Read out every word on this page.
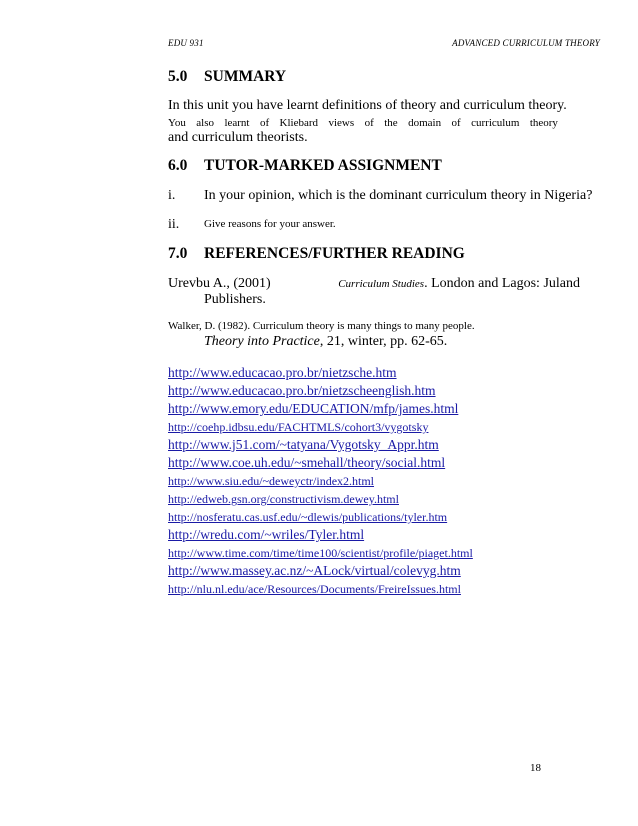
EDU 931	ADVANCED CURRICULUM THEORY
5.0 SUMMARY
In this unit you have learnt definitions of theory and curriculum theory.
You also learnt of Kliebard views of the domain of curriculum theory
and curriculum theorists.
6.0 TUTOR-MARKED ASSIGNMENT
i. In your opinion, which is the dominant curriculum theory in Nigeria?
ii. Give reasons for your answer.
7.0 REFERENCES/FURTHER READING
Urevbu A., (2001)	Curriculum Studies. London and Lagos: Juland
Publishers.
Walker, D. (1982). Curriculum theory is many things to many people.
Theory into Practice, 21, winter, pp. 62-65.
http://www.educacao.pro.br/nietzsche.htm
http://www.educacao.pro.br/nietzscheenglish.htm
http://www.emory.edu/EDUCATION/mfp/james.html
http://coehp.idbsu.edu/FACHTMLS/cohort3/vygotsky
http://www.j51.com/~tatyana/Vygotsky_Appr.htm
http://www.coe.uh.edu/~smehall/theory/social.html
http://www.siu.edu/~deweyctr/index2.html
http://edweb.gsn.org/constructivism.dewey.html
http://nosferatu.cas.usf.edu/~dlewis/publications/tyler.htm
http://wredu.com/~wriles/Tyler.html
http://www.time.com/time/time100/scientist/profile/piaget.html
http://www.massey.ac.nz/~ALock/virtual/colevyg.htm
http://nlu.nl.edu/ace/Resources/Documents/FreireIssues.html
18
